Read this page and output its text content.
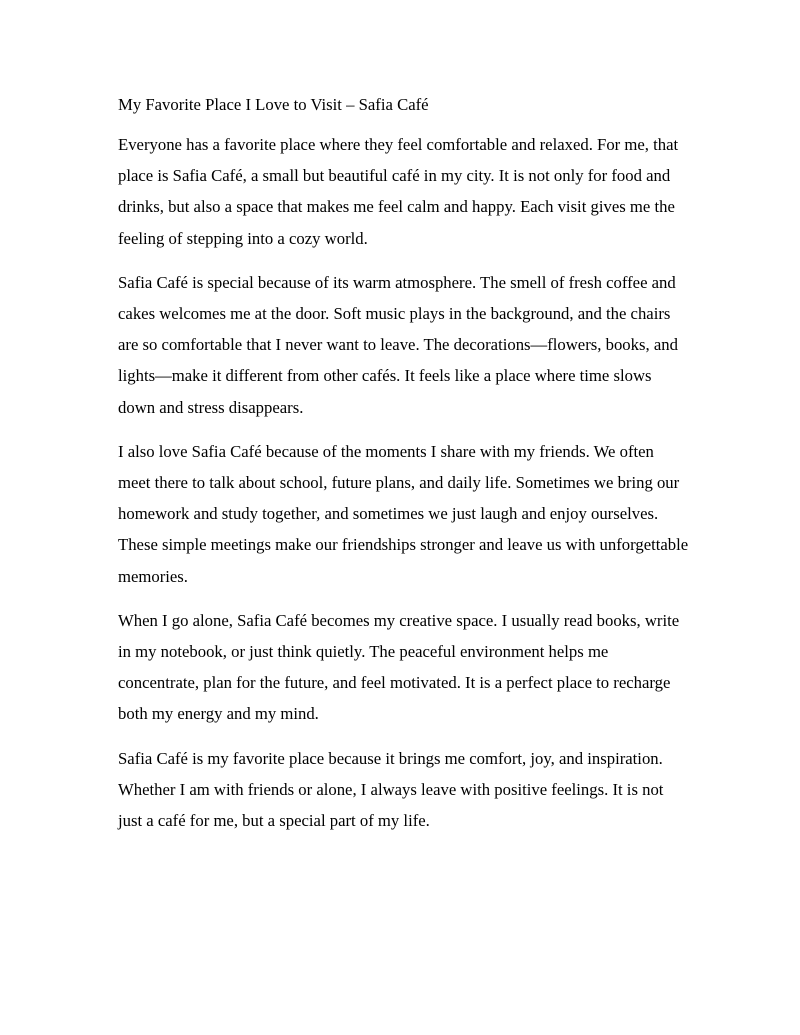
My Favorite Place I Love to Visit – Safia Café

Everyone has a favorite place where they feel comfortable and relaxed. For me, that place is Safia Café, a small but beautiful café in my city. It is not only for food and drinks, but also a space that makes me feel calm and happy. Each visit gives me the feeling of stepping into a cozy world.

Safia Café is special because of its warm atmosphere. The smell of fresh coffee and cakes welcomes me at the door. Soft music plays in the background, and the chairs are so comfortable that I never want to leave. The decorations—flowers, books, and lights—make it different from other cafés. It feels like a place where time slows down and stress disappears.

I also love Safia Café because of the moments I share with my friends. We often meet there to talk about school, future plans, and daily life. Sometimes we bring our homework and study together, and sometimes we just laugh and enjoy ourselves. These simple meetings make our friendships stronger and leave us with unforgettable memories.

When I go alone, Safia Café becomes my creative space. I usually read books, write in my notebook, or just think quietly. The peaceful environment helps me concentrate, plan for the future, and feel motivated. It is a perfect place to recharge both my energy and my mind.

Safia Café is my favorite place because it brings me comfort, joy, and inspiration. Whether I am with friends or alone, I always leave with positive feelings. It is not just a café for me, but a special part of my life.
